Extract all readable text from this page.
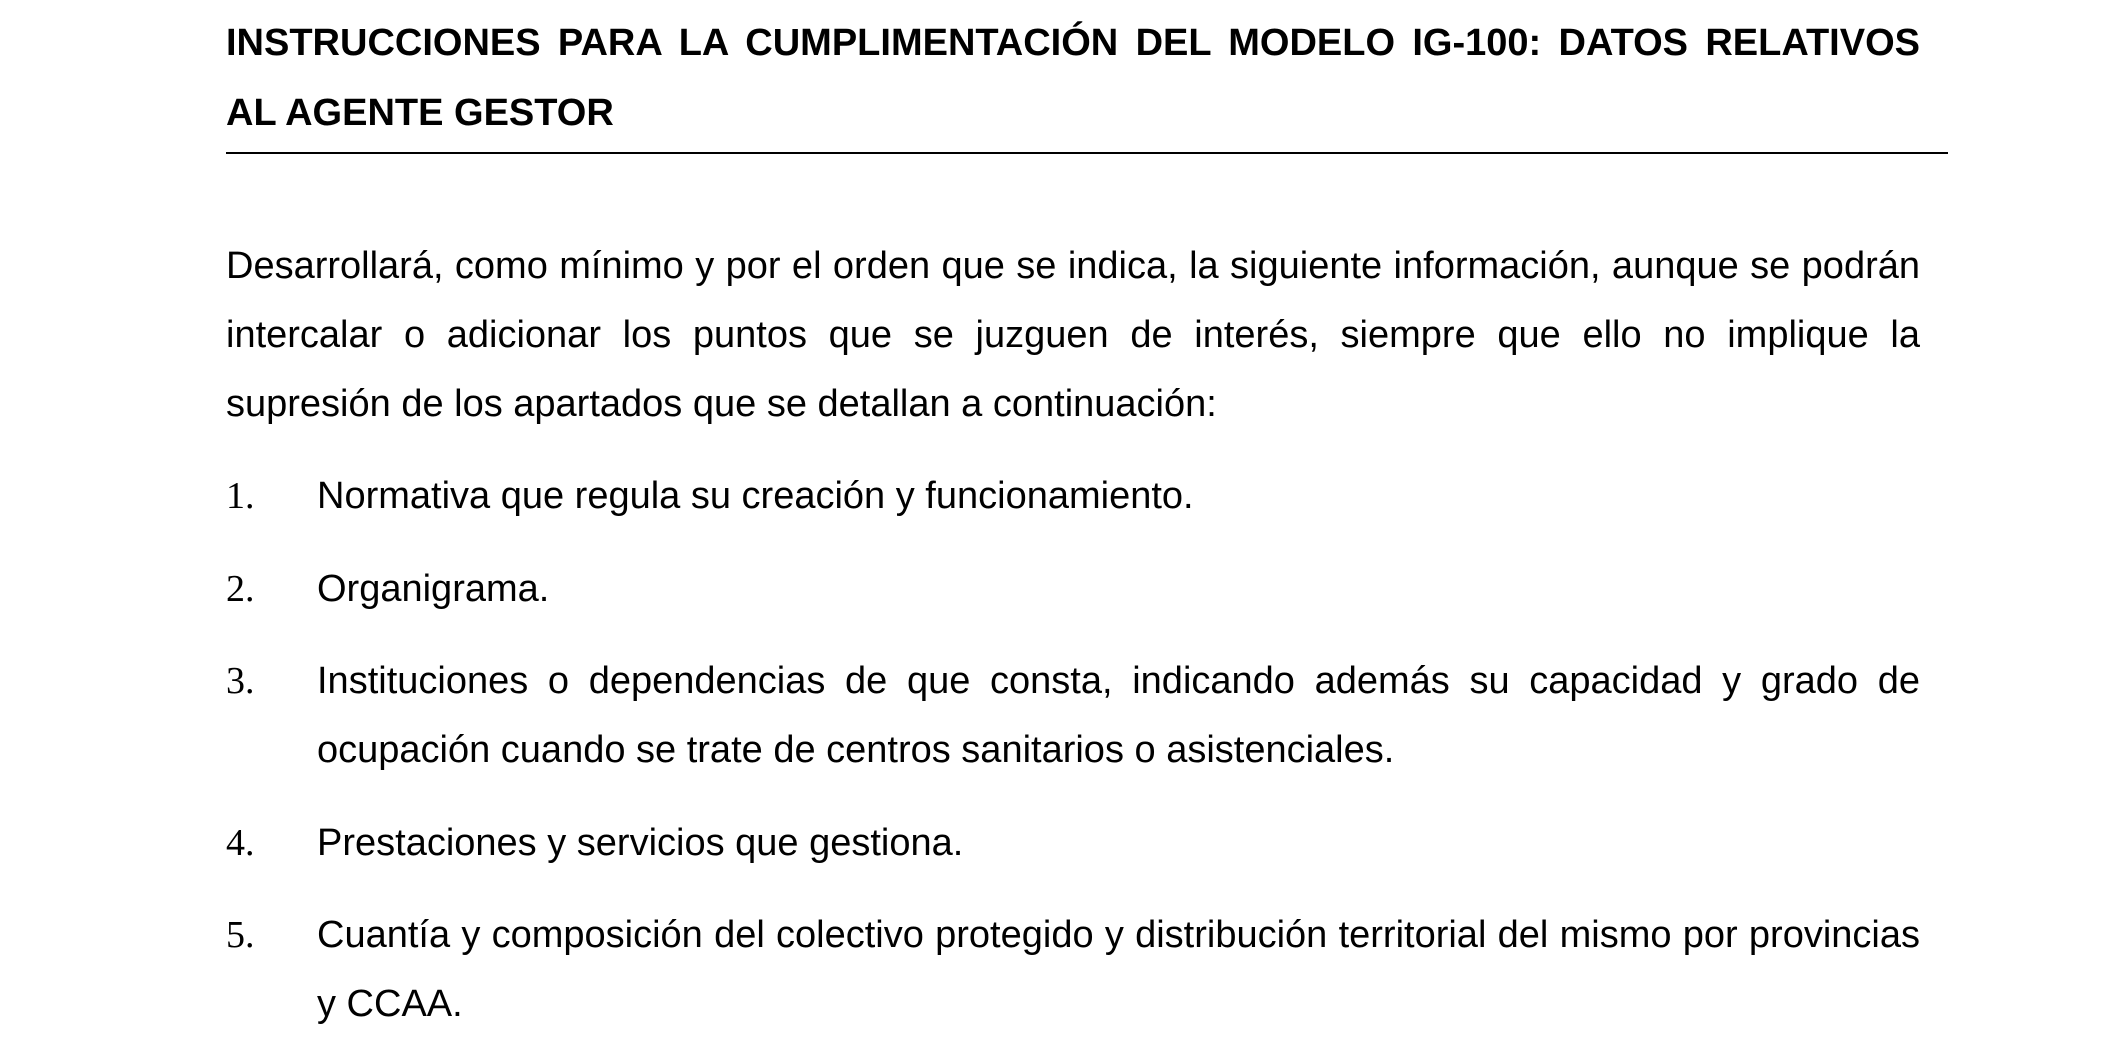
INSTRUCCIONES PARA LA CUMPLIMENTACIÓN DEL MODELO IG-100: DATOS RELATIVOS AL AGENTE GESTOR

Desarrollará, como mínimo y por el orden que se indica, la siguiente información, aunque se podrán intercalar o adicionar los puntos que se juzguen de interés, siempre que ello no implique la supresión de los apartados que se detallan a continuación:

1. Normativa que regula su creación y funcionamiento.
2. Organigrama.
3. Instituciones o dependencias de que consta, indicando además su capacidad y grado de ocupación cuando se trate de centros sanitarios o asistenciales.
4. Prestaciones y servicios que gestiona.
5. Cuantía y composición del colectivo protegido y distribución territorial del mismo por provincias y CCAA.
